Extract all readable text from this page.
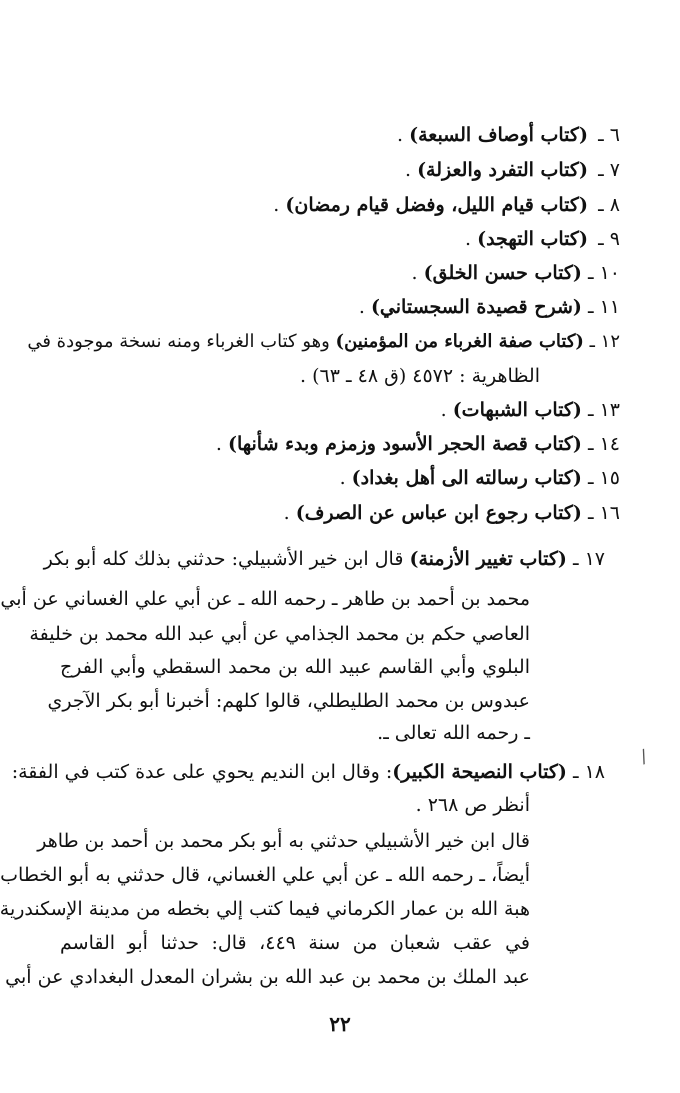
٦ ـ (كتاب أوصاف السبعة) .
٧ ـ (كتاب التفرد والعزلة) .
٨ ـ (كتاب قيام الليل، وفضل قيام رمضان) .
٩ ـ (كتاب التهجد) .
١٠ ـ (كتاب حسن الخلق) .
١١ ـ (شرح قصيدة السجستاني) .
١٢ ـ (كتاب صفة الغرباء من المؤمنين) وهو كتاب الغرباء ومنه نسخة موجودة في
الظاهرية : ٤٥٧٢ (ق ٤٨ ـ ٦٣) .
١٣ ـ (كتاب الشبهات) .
١٤ ـ (كتاب قصة الحجر الأسود وزمزم وبدء شأنها) .
١٥ ـ (كتاب رسالته الى أهل بغداد) .
١٦ ـ (كتاب رجوع ابن عباس عن الصرف) .
١٧ ـ (كتاب تغيير الأزمنة) قال ابن خير الأشبيلي: حدثني بذلك كله أبو بكر
محمد بن أحمد بن طاهر ـ رحمه الله ـ عن أبي علي الغساني عن أبي
العاصي حكم بن محمد الجذامي عن أبي عبد الله محمد بن خليفة
البلوي وأبي القاسم عبيد الله بن محمد السقطي وأبي الفرج
عبدوس بن محمد الطليطلي، قالوا كلهم: أخبرنا أبو بكر الآجري
ـ رحمه الله تعالى ـ.
/
١٨ ـ (كتاب النصيحة الكبير): وقال ابن النديم يحوي على عدة كتب في الفقة:
أنظر ص ٢٦٨ .
قال ابن خير الأشبيلي حدثني به أبو بكر محمد بن أحمد بن طاهر
أيضاً، ـ رحمه الله ـ عن أبي علي الغساني، قال حدثني به أبو الخطاب
هبة الله بن عمار الكرماني فيما كتب إلي بخطه من مدينة الإسكندرية
في عقب شعبان من سنة ٤٤٩، قال: حدثنا أبو القاسم
عبد الملك بن محمد بن عبد الله بن بشران المعدل البغدادي عن أبي
٢٢
